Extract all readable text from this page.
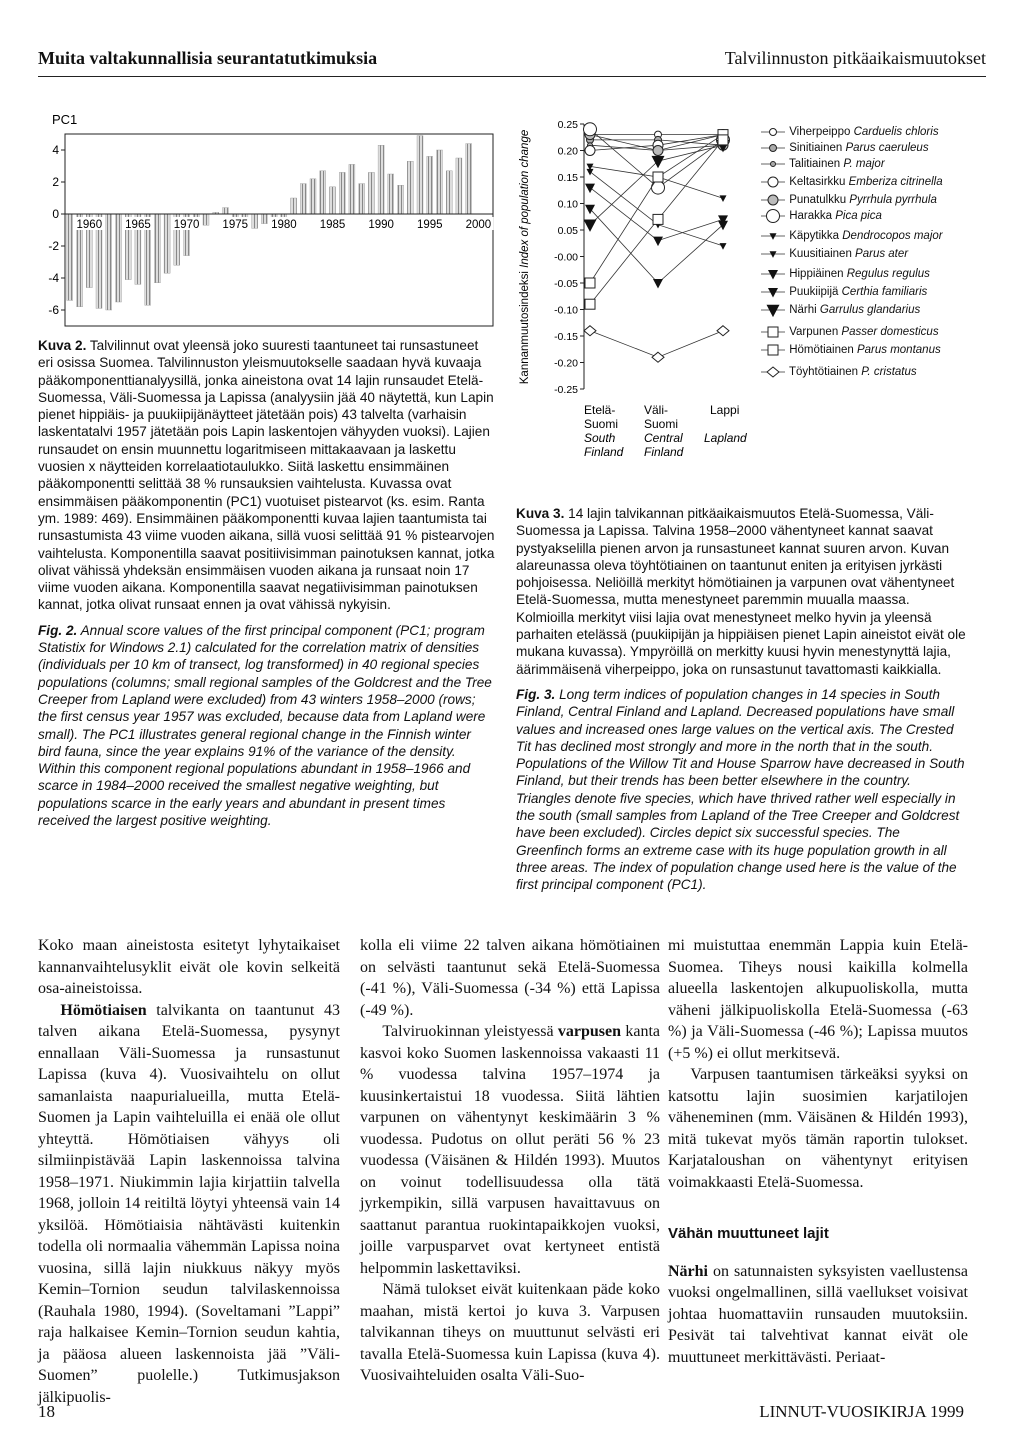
Muita valtakunnallisia seurantatutkimuksia	Talvilinnuston pitkäaikaismuutokset
PC1
4
2
0
-2
-4
-6
1960 1965 1970 1975 1980 1985 1990 1995 2000
0.25
0.20
0.15
0.10
0.05
-0.00
-0.05
-0.10
-0.15
-0.20
-0.25
Kannanmuutosindeksi Index of population change
Etelä-
Suomi
South
Finland
Väli-
Suomi
Central
Finland
Lappi
Lapland
Viherpeippo Carduelis chloris
Sinitiainen Parus caeruleus
Talitiainen P. major
Keltasirkku Emberiza citrinella
Punatulkku Pyrrhula pyrrhula
Harakka Pica pica
Käpytikka Dendrocopos major
Kuusitiainen Parus ater
Hippiäinen Regulus regulus
Puukiipijä Certhia familiaris
Närhi Garrulus glandarius
Varpunen Passer domesticus
Hömötiainen Parus montanus
Töyhtötiainen P. cristatus
Kuva 2. Talvilinnut ovat yleensä joko suuresti taantuneet tai runsastuneet eri osissa Suomea. Talvilinnuston yleismuutokselle saadaan hyvä kuvaaja pääkomponenttianalyysillä, jonka aineistona ovat 14 lajin runsaudet Etelä-Suomessa, Väli-Suomessa ja Lapissa (analyysiin jää 40 näytettä, kun Lapin pienet hippiäis- ja puukiipijänäytteet jätetään pois) 43 talvelta (varhaisin laskentatalvi 1957 jätetään pois Lapin laskentojen vähyyden vuoksi). Lajien runsaudet on ensin muunnettu logaritmiseen mittakaavaan ja laskettu vuosien x näytteiden korrelaatiotaulukko. Siitä laskettu ensimmäinen pääkomponentti selittää 38 % runsauksien vaihtelusta. Kuvassa ovat ensimmäisen pääkomponentin (PC1) vuotuiset pistearvot (ks. esim. Ranta ym. 1989: 469). Ensimmäinen pääkomponentti kuvaa lajien taantumista tai runsastumista 43 viime vuoden aikana, sillä vuosi selittää 91 % pistearvojen vaihtelusta. Komponentilla saavat positiivisimman painotuksen kannat, jotka olivat vähissä yhdeksän ensimmäisen vuoden aikana ja runsaat noin 17 viime vuoden aikana. Komponentilla saavat negatiivisimman painotuksen kannat, jotka olivat runsaat ennen ja ovat vähissä nykyisin.
Fig. 2. Annual score values of the first principal component (PC1; program Statistix for Windows 2.1) calculated for the correlation matrix of densities (individuals per 10 km of transect, log transformed) in 40 regional species populations (columns; small regional samples of the Goldcrest and the Tree Creeper from Lapland were excluded) from 43 winters 1958–2000 (rows; the first census year 1957 was excluded, because data from Lapland were small). The PC1 illustrates general regional change in the Finnish winter bird fauna, since the year explains 91% of the variance of the density. Within this component regional populations abundant in 1958–1966 and scarce in 1984–2000 received the smallest negative weighting, but populations scarce in the early years and abundant in present times received the largest positive weighting.
Kuva 3. 14 lajin talvikannan pitkäaikaismuutos Etelä-Suomessa, Väli-Suomessa ja Lapissa. Talvina 1958–2000 vähentyneet kannat saavat pystyakselilla pienen arvon ja runsastuneet kannat suuren arvon. Kuvan alareunassa oleva töyhtötiainen on taantunut eniten ja erityisen jyrkästi pohjoisessa. Neliöillä merkityt hömötiainen ja varpunen ovat vähentyneet Etelä-Suomessa, mutta menestyneet paremmin muualla maassa. Kolmioilla merkityt viisi lajia ovat menestyneet melko hyvin ja yleensä parhaiten etelässä (puukiipijän ja hippiäisen pienet Lapin aineistot eivät ole mukana kuvassa). Ympyröillä on merkitty kuusi hyvin menestynyttä lajia, äärimmäisenä viherpeippo, joka on runsastunut tavattomasti kaikkialla.
Fig. 3. Long term indices of population changes in 14 species in South Finland, Central Finland and Lapland. Decreased populations have small values and increased ones large values on the vertical axis. The Crested Tit has declined most strongly and more in the north that in the south. Populations of the Willow Tit and House Sparrow have decreased in South Finland, but their trends has been better elsewhere in the country. Triangles denote five species, which have thrived rather well especially in the south (small samples from Lapland of the Tree Creeper and Goldcrest have been excluded). Circles depict six successful species. The Greenfinch forms an extreme case with its huge population growth in all three areas. The index of population change used here is the value of the first principal component (PC1).

Koko maan aineistosta esitetyt lyhytaikaiset kannanvaihtelusyklit eivät ole kovin selkeitä osa-aineistoissa.

Hömötiaisen talvikanta on taantunut 43 talven aikana Etelä-Suomessa, pysynyt ennallaan Väli-Suomessa ja runsastunut Lapissa (kuva 4). Vuosivaihtelu on ollut samanlaista naapurialueilla, mutta Etelä-Suomen ja Lapin vaihteluilla ei enää ole ollut yhteyttä. Hömötiaisen vähyys oli silmiinpistävää Lapin laskennoissa talvina 1958–1971. Niukimmin lajia kirjattiin talvella 1968, jolloin 14 reitiltä löytyi yhteensä vain 14 yksilöä. Hömötiaisia nähtävästi kuitenkin todella oli normaalia vähemmän Lapissa noina vuosina, sillä lajin niukkuus näkyy myös Kemin–Tornion seudun talvilaskennoissa (Rauhala 1980, 1994). (Soveltamani ”Lappi” raja halkaisee Kemin–Tornion seudun kahtia, ja pääosa alueen laskennoista jää ”Väli-Suomen” puolelle.) Tutkimusjakson jälkipuolis-

kolla eli viime 22 talven aikana hömötiainen on selvästi taantunut sekä Etelä-Suomessa (-41 %), Väli-Suomessa (-34 %) että Lapissa (-49 %).

Talviruokinnan yleistyessä varpusen kanta kasvoi koko Suomen laskennoissa vakaasti 11 % vuodessa talvina 1957–1974 ja kuusinkertaistui 18 vuodessa. Siitä lähtien varpunen on vähentynyt keskimäärin 3 % vuodessa. Pudotus on ollut peräti 56 % 23 vuodessa (Väisänen & Hildén 1993). Muutos on voinut todellisuudessa olla tätä jyrkempikin, sillä varpusen havaittavuus on saattanut parantua ruokintapaikkojen vuoksi, joille varpusparvet ovat kertyneet entistä helpommin laskettaviksi.

Nämä tulokset eivät kuitenkaan päde koko maahan, mistä kertoi jo kuva 3. Varpusen talvikannan tiheys on muuttunut selvästi eri tavalla Etelä-Suomessa kuin Lapissa (kuva 4). Vuosivaihteluiden osalta Väli-Suo-

mi muistuttaa enemmän Lappia kuin Etelä-Suomea. Tiheys nousi kaikilla kolmella alueella laskentojen alkupuoliskolla, mutta väheni jälkipuoliskolla Etelä-Suomessa (-63 %) ja Väli-Suomessa (-46 %); Lapissa muutos (+5 %) ei ollut merkitsevä.

Varpusen taantumisen tärkeäksi syyksi on katsottu lajin suosimien karjatilojen väheneminen (mm. Väisänen & Hildén 1993), mitä tukevat myös tämän raportin tulokset. Karjataloushan on vähentynyt erityisen voimakkaasti Etelä-Suomessa.

Vähän muuttuneet lajit

Närhi on satunnaisten syksyisten vaellustensa vuoksi ongelmallinen, sillä vaellukset voisivat johtaa huomattaviin runsauden muutoksiin. Pesivät tai talvehtivat kannat eivät ole muuttuneet merkittävästi. Periaat-

18	LINNUT-VUOSIKIRJA 1999
